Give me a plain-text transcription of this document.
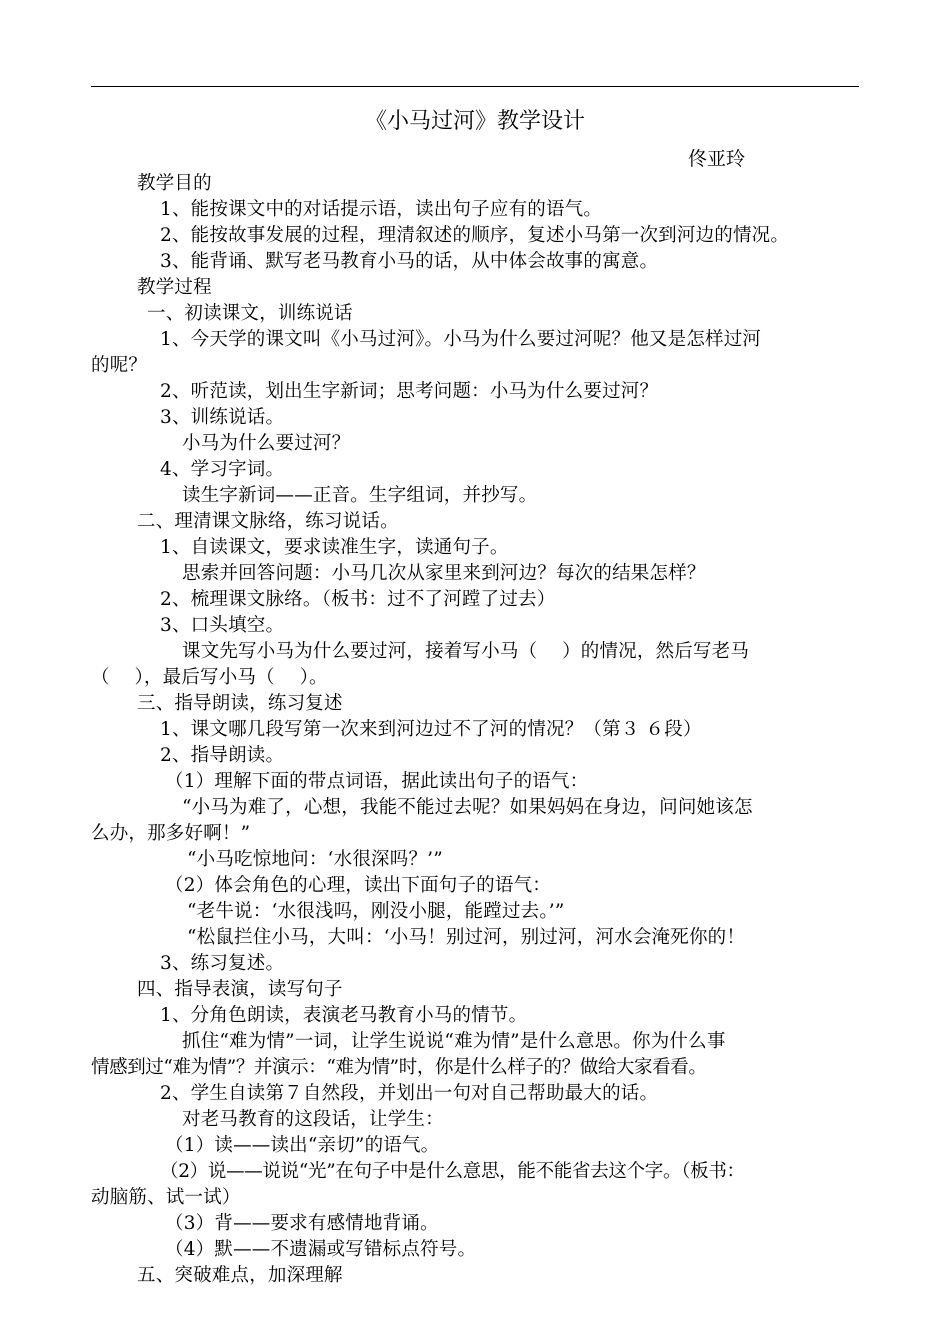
《小马过河》教学设计
佟亚玲
教学目的
1、能按课文中的对话提示语，读出句子应有的语气。
2、能按故事发展的过程，理清叙述的顺序，复述小马第一次到河边的情况。
3、能背诵、默写老马教育小马的话，从中体会故事的寓意。
教学过程
一、初读课文，训练说话
1、今天学的课文叫《小马过河》。小马为什么要过河呢？他又是怎样过河
的呢？
2、听范读，划出生字新词；思考问题：小马为什么要过河？
3、训练说话。
小马为什么要过河？
4、学习字词。
读生字新词——正音。生字组词，并抄写。
二、理清课文脉络，练习说话。
1、自读课文，要求读准生字，读通句子。
思索并回答问题：小马几次从家里来到河边？每次的结果怎样？
2、梳理课文脉络。（板书：过不了河蹚了过去）
3、口头填空。
课文先写小马为什么要过河，接着写小马（　 ）的情况，然后写老马
（　 ），最后写小马（　 ）。
三、指导朗读，练习复述
1、课文哪几段写第一次来到河边过不了河的情况？（第３ ６段）
2、指导朗读。
（1）理解下面的带点词语，据此读出句子的语气：
“小马为难了，心想，我能不能过去呢？如果妈妈在身边，问问她该怎
么办，那多好啊！”
“小马吃惊地问：‘水很深吗？’”
（2）体会角色的心理，读出下面句子的语气：
“老牛说：‘水很浅吗，刚没小腿，能蹚过去。’”
“松鼠拦住小马，大叫：‘小马！别过河，别过河，河水会淹死你的！
3、练习复述。
四、指导表演，读写句子
1、分角色朗读，表演老马教育小马的情节。
抓住“难为情”一词，让学生说说“难为情”是什么意思。你为什么事
情感到过“难为情”？并演示：“难为情”时，你是什么样子的？做给大家看看。
2、学生自读第７自然段，并划出一句对自己帮助最大的话。
对老马教育的这段话，让学生：
（1）读——读出“亲切”的语气。
（2）说——说说“光”在句子中是什么意思，能不能省去这个字。（板书：
动脑筋、试一试）
（3）背——要求有感情地背诵。
（4）默——不遗漏或写错标点符号。
五、突破难点，加深理解
